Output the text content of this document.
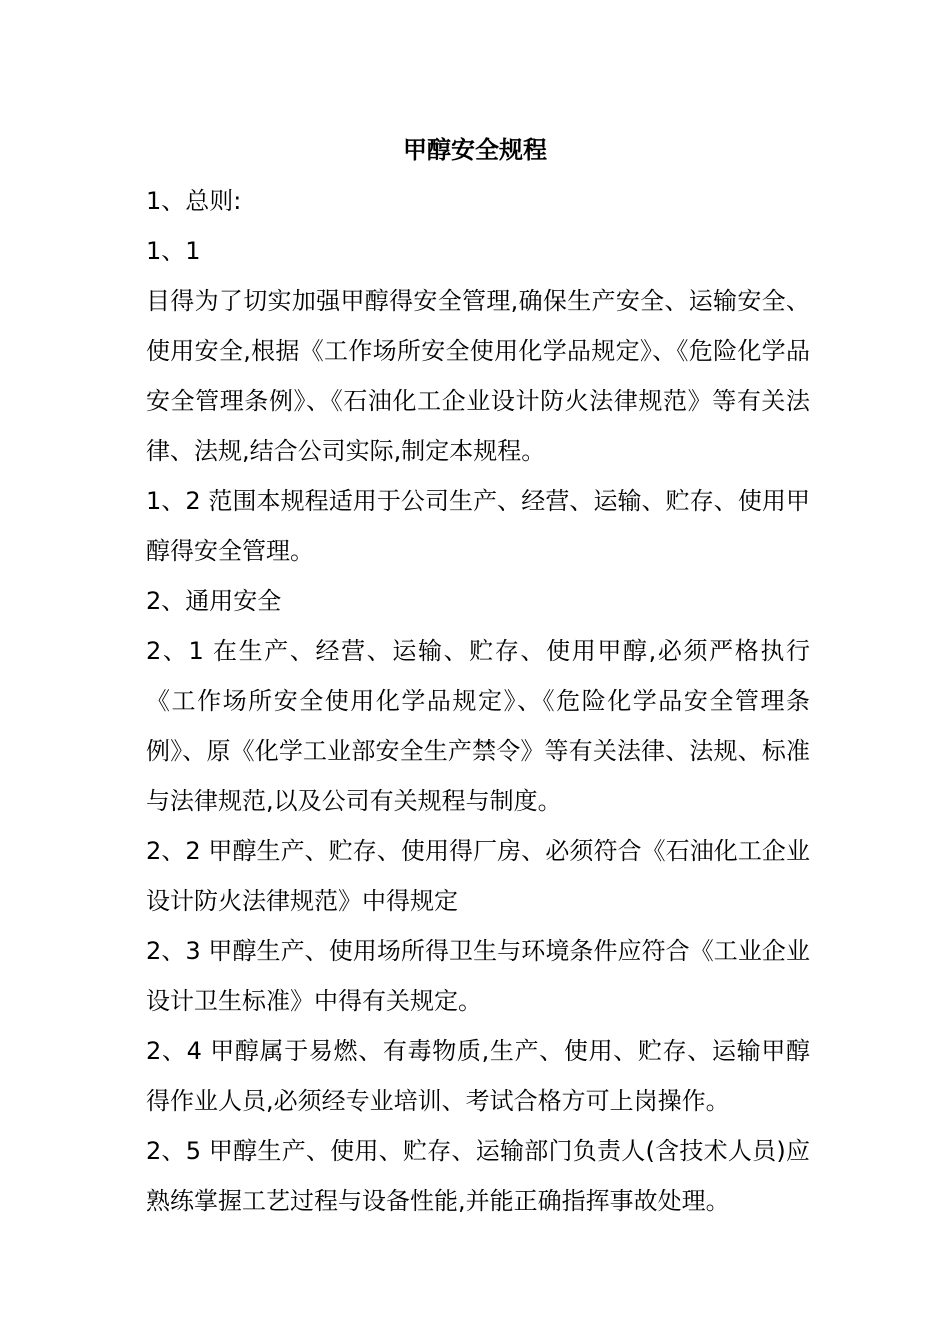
甲醇安全规程

1、总则:

1、1

目得为了切实加强甲醇得安全管理,确保生产安全、运输安全、使用安全,根据《工作场所安全使用化学品规定》、《危险化学品安全管理条例》、《石油化工企业设计防火法律规范》等有关法律、法规,结合公司实际,制定本规程。

1、2 范围本规程适用于公司生产、经营、运输、贮存、使用甲醇得安全管理。

2、通用安全

2、1 在生产、经营、运输、贮存、使用甲醇,必须严格执行《工作场所安全使用化学品规定》、《危险化学品安全管理条例》、原《化学工业部安全生产禁令》等有关法律、法规、标准与法律规范,以及公司有关规程与制度。

2、2 甲醇生产、贮存、使用得厂房、必须符合《石油化工企业设计防火法律规范》中得规定

2、3 甲醇生产、使用场所得卫生与环境条件应符合《工业企业设计卫生标准》中得有关规定。

2、4 甲醇属于易燃、有毒物质,生产、使用、贮存、运输甲醇得作业人员,必须经专业培训、考试合格方可上岗操作。

2、5 甲醇生产、使用、贮存、运输部门负责人(含技术人员)应熟练掌握工艺过程与设备性能,并能正确指挥事故处理。
